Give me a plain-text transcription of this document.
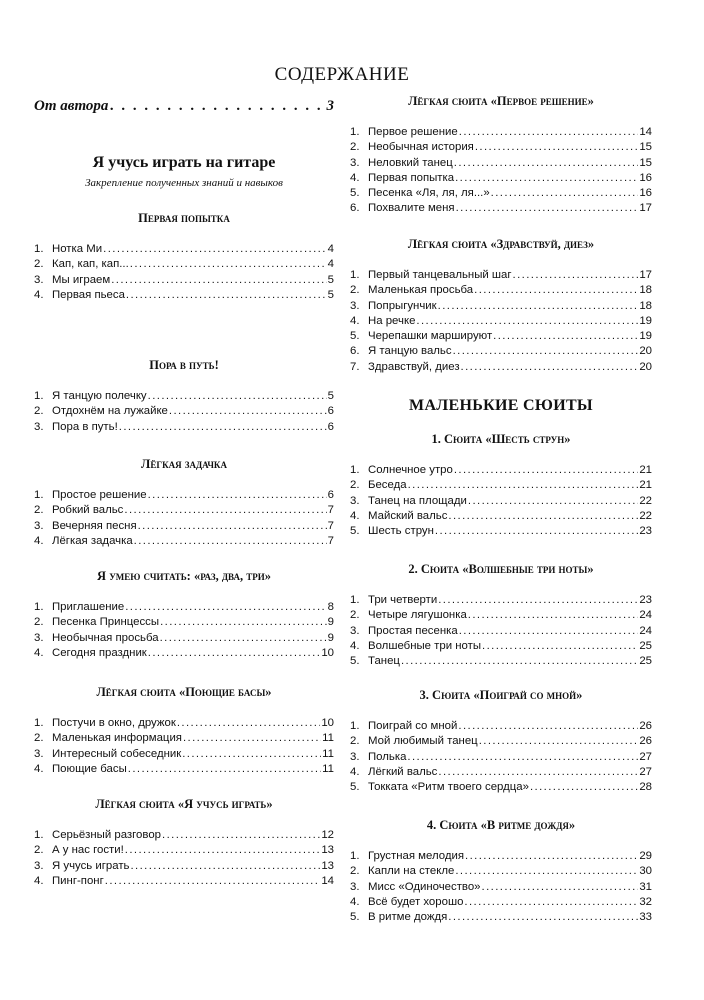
СОДЕРЖАНИЕ
От автора . . .	3
Я учусь играть на гитаре
Закрепление полученных знаний и навыков
Первая попытка
1. Нотка Ми .....	4
2. Кап, кап, кап... .....	4
3. Мы играем .....	5
4. Первая пьеса .....	5
Пора в путь!
1. Я танцую полечку .....	5
2. Отдохнём на лужайке .....	6
3. Пора в путь! .....	6
Лёгкая задачка
1. Простое решение .....	6
2. Робкий вальс .....	7
3. Вечерняя песня .....	7
4. Лёгкая задачка .....	7
Я умею считать: «раз, два, три»
1. Приглашение .....	8
2. Песенка Принцессы .....	9
3. Необычная просьба .....	9
4. Сегодня праздник .....	10
Лёгкая сюита «Поющие басы»
1. Постучи в окно, дружок .....	10
2. Маленькая информация .....	11
3. Интересный собеседник .....	11
4. Поющие басы .....	11
Лёгкая сюита «Я учусь играть»
1. Серьёзный разговор .....	12
2. А у нас гости! .....	13
3. Я учусь играть .....	13
4. Пинг-понг .....	14
МАЛЕНЬКИЕ СЮИТЫ
Лёгкая сюита «Первое решение»
1. Первое решение .....	14
2. Необычная история .....	15
3. Неловкий танец .....	15
4. Первая попытка .....	16
5. Песенка «Ля, ля, ля...» .....	16
6. Похвалите меня .....	17
Лёгкая сюита «Здравствуй, диез»
1. Первый танцевальный шаг .....	17
2. Маленькая просьба .....	18
3. Попрыгунчик .....	18
4. На речке .....	19
5. Черепашки маршируют .....	19
6. Я танцую вальс .....	20
7. Здравствуй, диез .....	20
1. Сюита «Шесть струн»
1. Солнечное утро .....	21
2. Беседа .....	21
3. Танец на площади .....	22
4. Майский вальс .....	22
5. Шесть струн .....	23
2. Сюита «Волшебные три ноты»
1. Три четверти .....	23
2. Четыре лягушонка .....	24
3. Простая песенка .....	24
4. Волшебные три ноты .....	25
5. Танец .....	25
3. Сюита «Поиграй со мной»
1. Поиграй со мной .....	26
2. Мой любимый танец .....	26
3. Полька .....	27
4. Лёгкий вальс .....	27
5. Токката «Ритм твоего сердца» .....	28
4. Сюита «В ритме дождя»
1. Грустная мелодия .....	29
2. Капли на стекле .....	30
3. Мисс «Одиночество» .....	31
4. Всё будет хорошо .....	32
5. В ритме дождя .....	33
